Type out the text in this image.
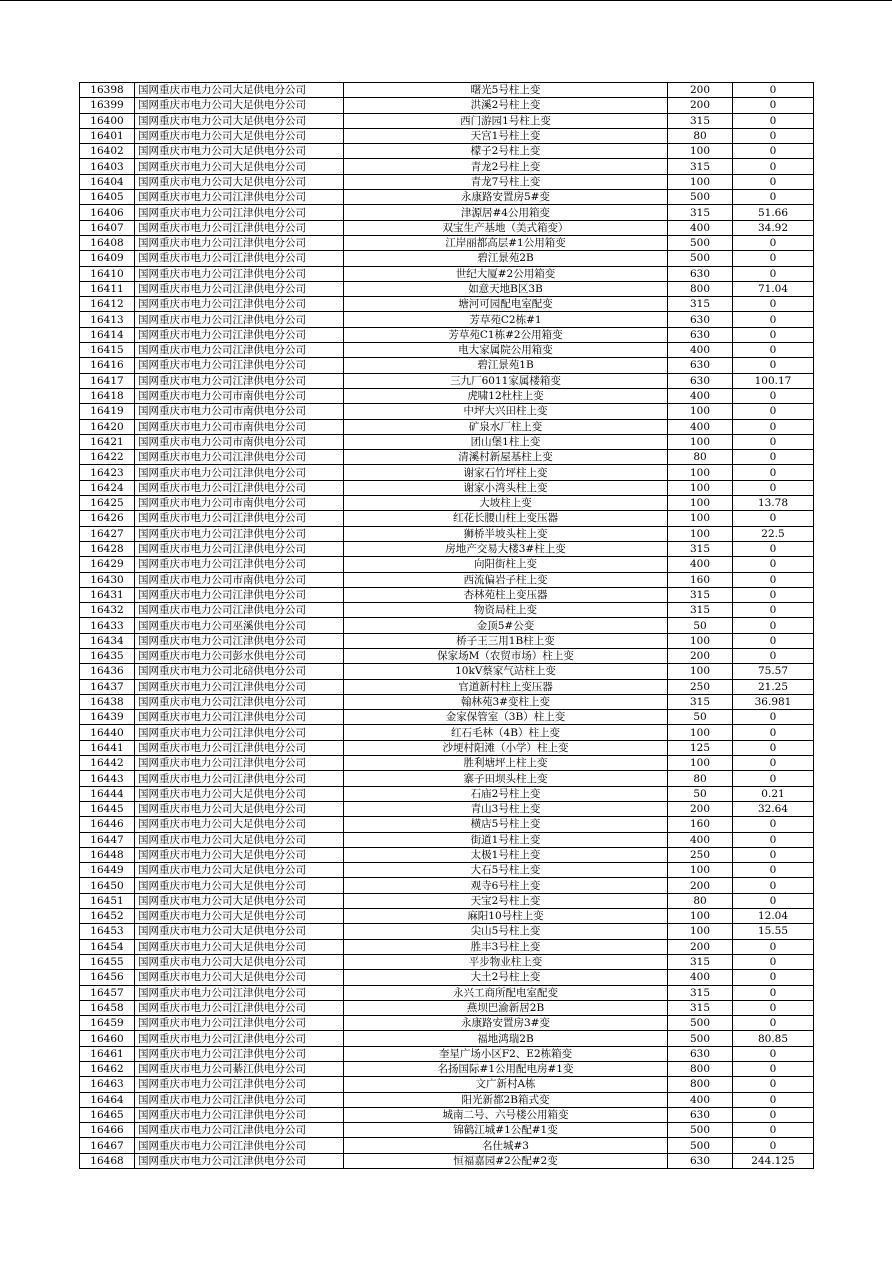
16398	国网重庆市电力公司大足供电分公司	曙光5号柱上变	200	0
16399	国网重庆市电力公司大足供电分公司	洪溪2号柱上变	200	0
16400	国网重庆市电力公司大足供电分公司	西门游园1号柱上变	315	0
16401	国网重庆市电力公司大足供电分公司	天宫1号柱上变	80	0
16402	国网重庆市电力公司大足供电分公司	檬子2号柱上变	100	0
16403	国网重庆市电力公司大足供电分公司	青龙2号柱上变	315	0
16404	国网重庆市电力公司大足供电分公司	青龙7号柱上变	100	0
16405	国网重庆市电力公司江津供电分公司	永康路安置房5#变	500	0
16406	国网重庆市电力公司江津供电分公司	津源居#4公用箱变	315	51.66
16407	国网重庆市电力公司江津供电分公司	双宝生产基地（美式箱变）	400	34.92
16408	国网重庆市电力公司江津供电分公司	江岸丽都高层#1公用箱变	500	0
16409	国网重庆市电力公司江津供电分公司	碧江景苑2B	500	0
16410	国网重庆市电力公司江津供电分公司	世纪大厦#2公用箱变	630	0
16411	国网重庆市电力公司江津供电分公司	如意天地B区3B	800	71.04
16412	国网重庆市电力公司江津供电分公司	塘河可园配电室配变	315	0
16413	国网重庆市电力公司江津供电分公司	芳草苑C2栋#1	630	0
16414	国网重庆市电力公司江津供电分公司	芳草苑C1栋#2公用箱变	630	0
16415	国网重庆市电力公司江津供电分公司	电大家属院公用箱变	400	0
16416	国网重庆市电力公司江津供电分公司	碧江景苑1B	630	0
16417	国网重庆市电力公司江津供电分公司	三九厂6011家属楼箱变	630	100.17
16418	国网重庆市电力公司市南供电分公司	虎啸12杜柱上变	400	0
16419	国网重庆市电力公司市南供电分公司	中坪大兴田柱上变	100	0
16420	国网重庆市电力公司市南供电分公司	矿泉水厂柱上变	400	0
16421	国网重庆市电力公司市南供电分公司	团山堡1柱上变	100	0
16422	国网重庆市电力公司江津供电分公司	清溪村新屋基柱上变	80	0
16423	国网重庆市电力公司江津供电分公司	谢家石竹坪柱上变	100	0
16424	国网重庆市电力公司江津供电分公司	谢家小湾头柱上变	100	0
16425	国网重庆市电力公司市南供电分公司	大坡柱上变	100	13.78
16426	国网重庆市电力公司江津供电分公司	红花长腰山柱上变压器	100	0
16427	国网重庆市电力公司江津供电分公司	狮桥半坡头柱上变	100	22.5
16428	国网重庆市电力公司江津供电分公司	房地产交易大楼3#柱上变	315	0
16429	国网重庆市电力公司江津供电分公司	向阳街柱上变	400	0
16430	国网重庆市电力公司市南供电分公司	西流偏岩子柱上变	160	0
16431	国网重庆市电力公司江津供电分公司	杏林苑柱上变压器	315	0
16432	国网重庆市电力公司江津供电分公司	物资局柱上变	315	0
16433	国网重庆市电力公司巫溪供电分公司	金顶5#公变	50	0
16434	国网重庆市电力公司江津供电分公司	桥子王三用1B柱上变	100	0
16435	国网重庆市电力公司彭水供电分公司	保家场M（农贸市场）柱上变	200	0
16436	国网重庆市电力公司北碚供电分公司	10kV蔡家气站柱上变	100	75.57
16437	国网重庆市电力公司江津供电分公司	官道新村柱上变压器	250	21.25
16438	国网重庆市电力公司江津供电分公司	翰林苑3#变柱上变	315	36.981
16439	国网重庆市电力公司江津供电分公司	金家保管室（3B）柱上变	50	0
16440	国网重庆市电力公司江津供电分公司	红石毛林（4B）柱上变	100	0
16441	国网重庆市电力公司江津供电分公司	沙埂村阳滩（小学）柱上变	125	0
16442	国网重庆市电力公司江津供电分公司	胜利塘坪上柱上变	100	0
16443	国网重庆市电力公司江津供电分公司	寨子田坝头柱上变	80	0
16444	国网重庆市电力公司大足供电分公司	石庙2号柱上变	50	0.21
16445	国网重庆市电力公司大足供电分公司	青山3号柱上变	200	32.64
16446	国网重庆市电力公司大足供电分公司	横店5号柱上变	160	0
16447	国网重庆市电力公司大足供电分公司	街道1号柱上变	400	0
16448	国网重庆市电力公司大足供电分公司	太极1号柱上变	250	0
16449	国网重庆市电力公司大足供电分公司	大石5号柱上变	100	0
16450	国网重庆市电力公司大足供电分公司	观寺6号柱上变	200	0
16451	国网重庆市电力公司大足供电分公司	天宝2号柱上变	80	0
16452	国网重庆市电力公司大足供电分公司	麻阳10号柱上变	100	12.04
16453	国网重庆市电力公司大足供电分公司	尖山5号柱上变	100	15.55
16454	国网重庆市电力公司大足供电分公司	胜丰3号柱上变	200	0
16455	国网重庆市电力公司大足供电分公司	平步物业柱上变	315	0
16456	国网重庆市电力公司大足供电分公司	大土2号柱上变	400	0
16457	国网重庆市电力公司江津供电分公司	永兴工商所配电室配变	315	0
16458	国网重庆市电力公司江津供电分公司	燕坝巴渝新居2B	315	0
16459	国网重庆市电力公司江津供电分公司	永康路安置房3#变	500	0
16460	国网重庆市电力公司江津供电分公司	福地鸿瑞2B	500	80.85
16461	国网重庆市电力公司江津供电分公司	奎星广场小区F2、E2栋箱变	630	0
16462	国网重庆市电力公司綦江供电分公司	名扬国际#1公用配电房#1变	800	0
16463	国网重庆市电力公司江津供电分公司	文广新村A栋	800	0
16464	国网重庆市电力公司江津供电分公司	阳光新都2B箱式变	400	0
16465	国网重庆市电力公司江津供电分公司	城南二号、六号楼公用箱变	630	0
16466	国网重庆市电力公司江津供电分公司	锦鹤江城#1公配#1变	500	0
16467	国网重庆市电力公司江津供电分公司	名仕城#3	500	0
16468	国网重庆市电力公司江津供电分公司	恒福嘉园#2公配#2变	630	244.125
